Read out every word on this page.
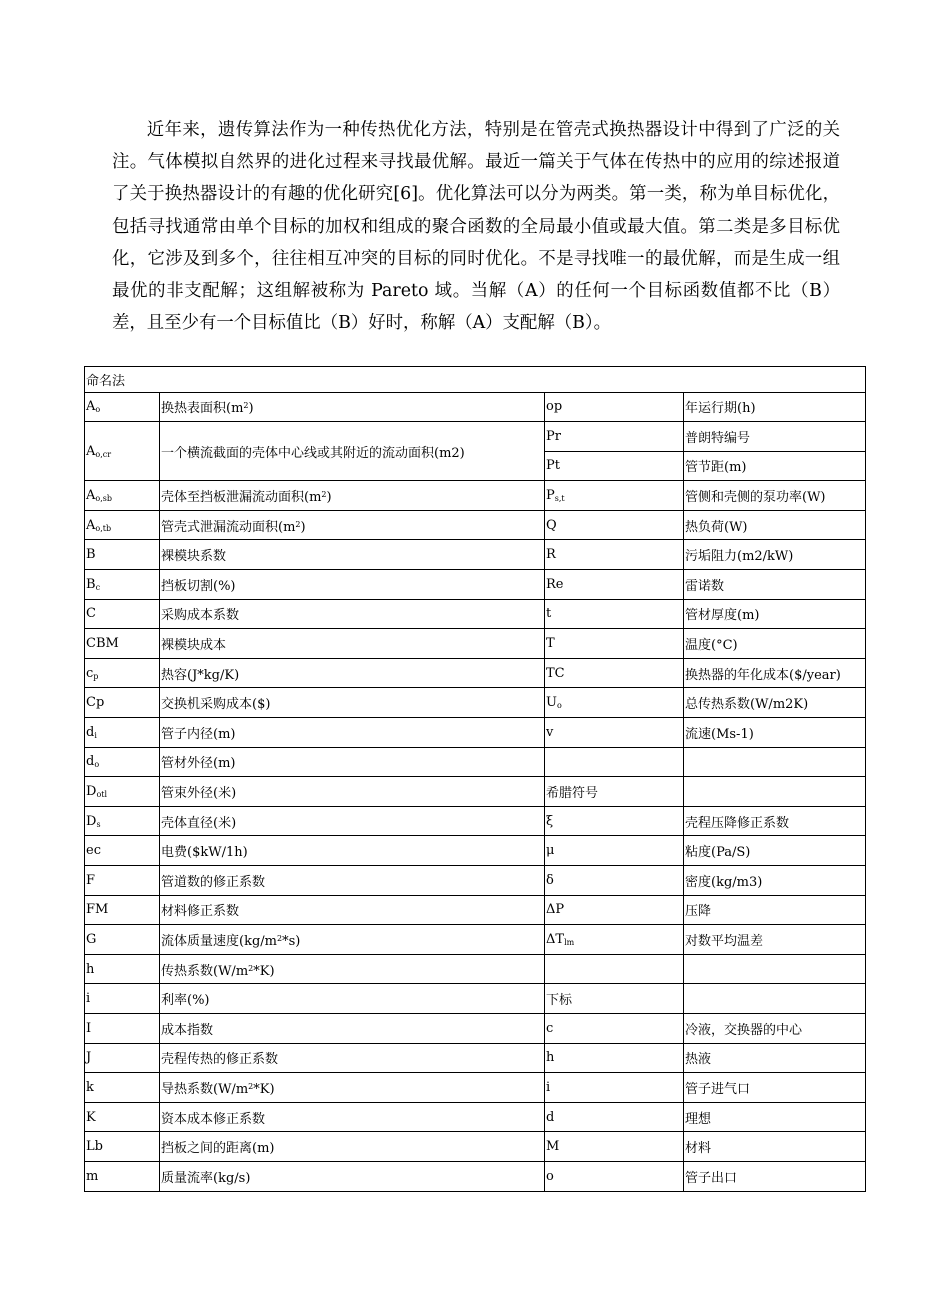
近年来，遗传算法作为一种传热优化方法，特别是在管壳式换热器设计中得到了广泛的关注。气体模拟自然界的进化过程来寻找最优解。最近一篇关于气体在传热中的应用的综述报道了关于换热器设计的有趣的优化研究[6]。优化算法可以分为两类。第一类，称为单目标优化，包括寻找通常由单个目标的加权和组成的聚合函数的全局最小值或最大值。第二类是多目标优化，它涉及到多个，往往相互冲突的目标的同时优化。不是寻找唯一的最优解，而是生成一组最优的非支配解；这组解被称为 Pareto 域。当解（A）的任何一个目标函数值都不比（B）差，且至少有一个目标值比（B）好时，称解（A）支配解（B）。

命名法			
$A_o$	换热表面积$(m^2)$	op	年运行期(h)
$A_{o,cr}$	一个横流截面的壳体中心线或其附近的流动面积(m2)	Pr	普朗特编号
		Pt	管节距(m)
$A_{o,sb}$	壳体至挡板泄漏流动面积$(m^2)$	$P_{s,t}$	管侧和壳侧的泵功率(W)
$A_{o,tb}$	管壳式泄漏流动面积$(m^2)$	Q	热负荷(W)
B	裸模块系数	R	污垢阻力(m2/kW)
$B_c$	挡板切割(%)	Re	雷诺数
C	采购成本系数	t	管材厚度(m)
CBM	裸模块成本	T	温度(°C)
$c_p$	热容(J*kg/K)	TC	换热器的年化成本($/year)
Cp	交换机采购成本($)	$U_o$	总传热系数(W/m2K)
$d_i$	管子内径(m)	v	流速(Ms-1)
$d_o$	管材外径(m)		
$D_{otl}$	管束外径(米)	希腊符号	
$D_s$	壳体直径(米)	ξ	壳程压降修正系数
ec	电费($kW/1h)	μ	粘度(Pa/S)
F	管道数的修正系数	δ	密度(kg/m3)
FM	材料修正系数	ΔP	压降
G	流体质量速度$(kg/m^2*s)$	$\Delta T_{lm}$	对数平均温差
h	传热系数$(W/m^2*K)$		
i	利率(%)	下标	
I	成本指数	c	冷液，交换器的中心
J	壳程传热的修正系数	h	热液
k	导热系数$(W/m^2*K)$	i	管子进气口
K	资本成本修正系数	d	理想
Lb	挡板之间的距离(m)	M	材料
m	质量流率(kg/s)	o	管子出口
